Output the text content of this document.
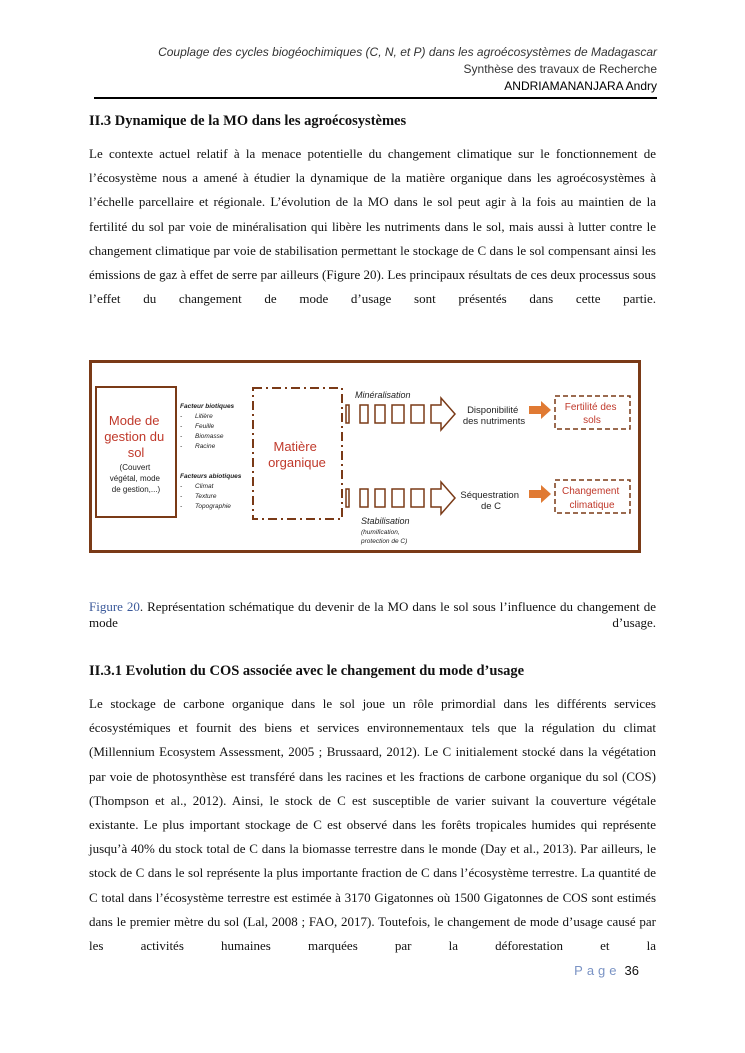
Couplage des cycles biogéochimiques (C, N, et P) dans les agroécosystèmes de Madagascar
Synthèse des travaux de Recherche
ANDRIAMANANJARA Andry
II.3 Dynamique de la MO dans les agroécosystèmes

Le contexte actuel relatif à la menace potentielle du changement climatique sur le fonctionnement de l’écosystème nous a amené à étudier la dynamique de la matière organique dans les agroécosystèmes à l’échelle parcellaire et régionale. L’évolution de la MO dans le sol peut agir à la fois au maintien de la fertilité du sol par voie de minéralisation qui libère les nutriments dans le sol, mais aussi à lutter contre le changement climatique par voie de stabilisation permettant le stockage de C dans le sol compensant ainsi les émissions de gaz à effet de serre par ailleurs (Figure 20). Les principaux résultats de ces deux processus sous l’effet du changement de mode d’usage sont présentés dans cette partie.

Mode de gestion du sol
(Couvert végétal, mode de gestion,...)
Facteur biotiques
- Litière
- Feuille
- Biomasse
- Racine
Facteurs abiotiques
- Climat
- Texture
- Topographie
Matière organique
Minéralisation
Disponibilité des nutriments
Fertilité des sols
Stabilisation
(humification, protection de C)
Séquestration de C
Changement climatique

Figure 20. Représentation schématique du devenir de la MO dans le sol sous l’influence du changement de mode d’usage.

II.3.1 Evolution du COS associée avec le changement du mode d’usage

Le stockage de carbone organique dans le sol joue un rôle primordial dans les différents services écosystémiques et fournit des biens et services environnementaux tels que la régulation du climat (Millennium Ecosystem Assessment, 2005 ; Brussaard, 2012). Le C initialement stocké dans la végétation par voie de photosynthèse est transféré dans les racines et les fractions de carbone organique du sol (COS) (Thompson et al., 2012). Ainsi, le stock de C est susceptible de varier suivant la couverture végétale existante. Le plus important stockage de C est observé dans les forêts tropicales humides qui représente jusqu’à 40% du stock total de C dans la biomasse terrestre dans le monde (Day et al., 2013). Par ailleurs, le stock de C dans le sol représente la plus importante fraction de C dans l’écosystème terrestre. La quantité de C total dans l’écosystème terrestre est estimée à 3170 Gigatonnes où 1500 Gigatonnes de COS sont estimés dans le premier mètre du sol (Lal, 2008 ; FAO, 2017). Toutefois, le changement de mode d’usage causé par les activités humaines marquées par la déforestation et la

Page 36
